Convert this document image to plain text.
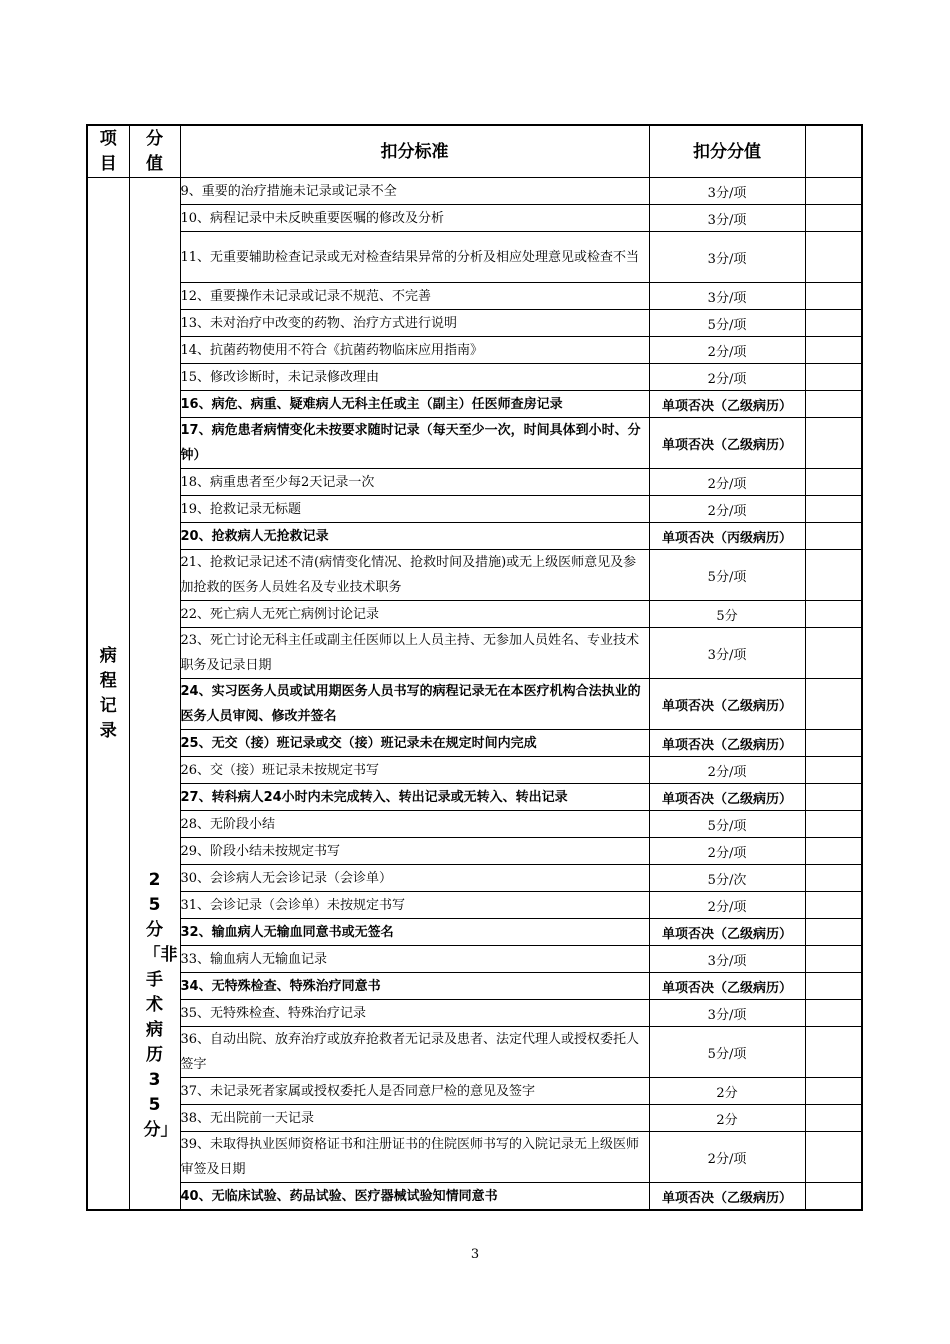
项目	分值	扣分标准	扣分分值	
病程记录	25分「非手术病历35分」	9、重要的治疗措施未记录或记录不全	3分/项	
		10、病程记录中未反映重要医嘱的修改及分析	3分/项	
		11、无重要辅助检查记录或无对检查结果异常的分析及相应处理意见或检查不当	3分/项	
		12、重要操作未记录或记录不规范、不完善	3分/项	
		13、未对治疗中改变的药物、治疗方式进行说明	5分/项	
		14、抗菌药物使用不符合《抗菌药物临床应用指南》	2分/项	
		15、修改诊断时，未记录修改理由	2分/项	
		16、病危、病重、疑难病人无科主任或主（副主）任医师查房记录	单项否决（乙级病历）	
		17、病危患者病情变化未按要求随时记录（每天至少一次，时间具体到小时、分钟）	单项否决（乙级病历）	
		18、病重患者至少每2天记录一次	2分/项	
		19、抢救记录无标题	2分/项	
		20、抢救病人无抢救记录	单项否决（丙级病历）	
		21、抢救记录记述不清(病情变化情况、抢救时间及措施)或无上级医师意见及参加抢救的医务人员姓名及专业技术职务	5分/项	
		22、死亡病人无死亡病例讨论记录	5分	
		23、死亡讨论无科主任或副主任医师以上人员主持、无参加人员姓名、专业技术职务及记录日期	3分/项	
		24、实习医务人员或试用期医务人员书写的病程记录无在本医疗机构合法执业的医务人员审阅、修改并签名	单项否决（乙级病历）	
		25、无交（接）班记录或交（接）班记录未在规定时间内完成	单项否决（乙级病历）	
		26、交（接）班记录未按规定书写	2分/项	
		27、转科病人24小时内未完成转入、转出记录或无转入、转出记录	单项否决（乙级病历）	
		28、无阶段小结	5分/项	
		29、阶段小结未按规定书写	2分/项	
		30、会诊病人无会诊记录（会诊单）	5分/次	
		31、会诊记录（会诊单）未按规定书写	2分/项	
		32、输血病人无输血同意书或无签名	单项否决（乙级病历）	
		33、输血病人无输血记录	3分/项	
		34、无特殊检查、特殊治疗同意书	单项否决（乙级病历）	
		35、无特殊检查、特殊治疗记录	3分/项	
		36、自动出院、放弃治疗或放弃抢救者无记录及患者、法定代理人或授权委托人签字	5分/项	
		37、未记录死者家属或授权委托人是否同意尸检的意见及签字	2分	
		38、无出院前一天记录	2分	
		39、未取得执业医师资格证书和注册证书的住院医师书写的入院记录无上级医师审签及日期	2分/项	
		40、无临床试验、药品试验、医疗器械试验知情同意书	单项否决（乙级病历）	
3
